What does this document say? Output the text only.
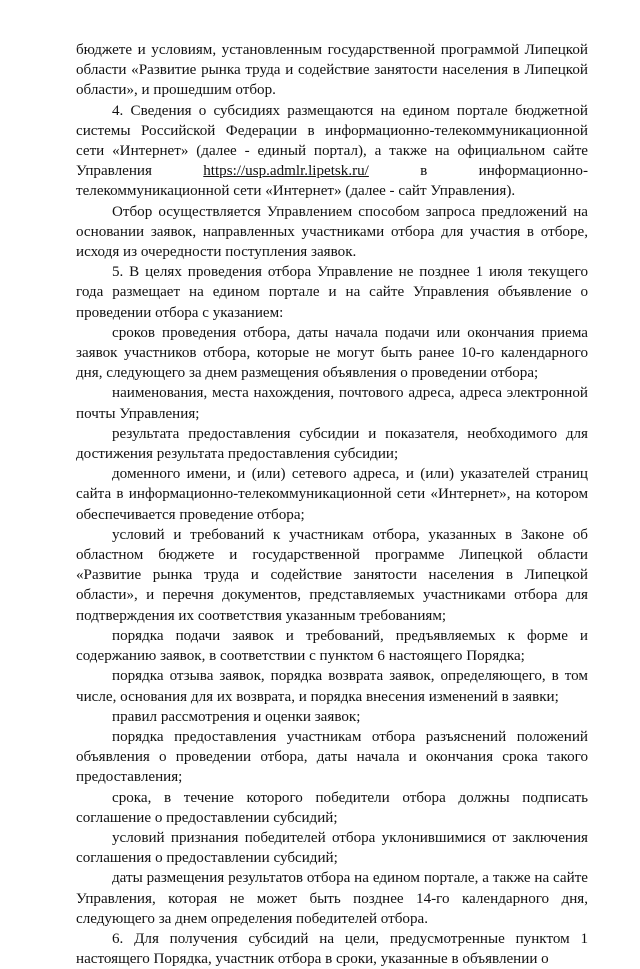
бюджете и условиям, установленным государственной программой Липецкой области «Развитие рынка труда и содействие занятости населения в Липецкой области», и прошедшим отбор.

4. Сведения о субсидиях размещаются на едином портале бюджетной системы Российской Федерации в информационно-телекоммуникационной сети «Интернет» (далее - единый портал), а также на официальном сайте Управления https://usp.admlr.lipetsk.ru/ в информационно-телекоммуникационной сети «Интернет» (далее - сайт Управления).

Отбор осуществляется Управлением способом запроса предложений на основании заявок, направленных участниками отбора для участия в отборе, исходя из очередности поступления заявок.

5. В целях проведения отбора Управление не позднее 1 июля текущего года размещает на едином портале и на сайте Управления объявление о проведении отбора с указанием:

сроков проведения отбора, даты начала подачи или окончания приема заявок участников отбора, которые не могут быть ранее 10-го календарного дня, следующего за днем размещения объявления о проведении отбора;

наименования, места нахождения, почтового адреса, адреса электронной почты Управления;

результата предоставления субсидии и показателя, необходимого для достижения результата предоставления субсидии;

доменного имени, и (или) сетевого адреса, и (или) указателей страниц сайта в информационно-телекоммуникационной сети «Интернет», на котором обеспечивается проведение отбора;

условий и требований к участникам отбора, указанных в Законе об областном бюджете и государственной программе Липецкой области «Развитие рынка труда и содействие занятости населения в Липецкой области», и перечня документов, представляемых участниками отбора для подтверждения их соответствия указанным требованиям;

порядка подачи заявок и требований, предъявляемых к форме и содержанию заявок, в соответствии с пунктом 6 настоящего Порядка;

порядка отзыва заявок, порядка возврата заявок, определяющего, в том числе, основания для их возврата, и порядка внесения изменений в заявки;

правил рассмотрения и оценки заявок;

порядка предоставления участникам отбора разъяснений положений объявления о проведении отбора, даты начала и окончания срока такого предоставления;

срока, в течение которого победители отбора должны подписать соглашение о предоставлении субсидий;

условий признания победителей отбора уклонившимися от заключения соглашения о предоставлении субсидий;

даты размещения результатов отбора на едином портале, а также на сайте Управления, которая не может быть позднее 14-го календарного дня, следующего за днем определения победителей отбора.

6. Для получения субсидий на цели, предусмотренные пунктом 1 настоящего Порядка, участник отбора в сроки, указанные в объявлении о
